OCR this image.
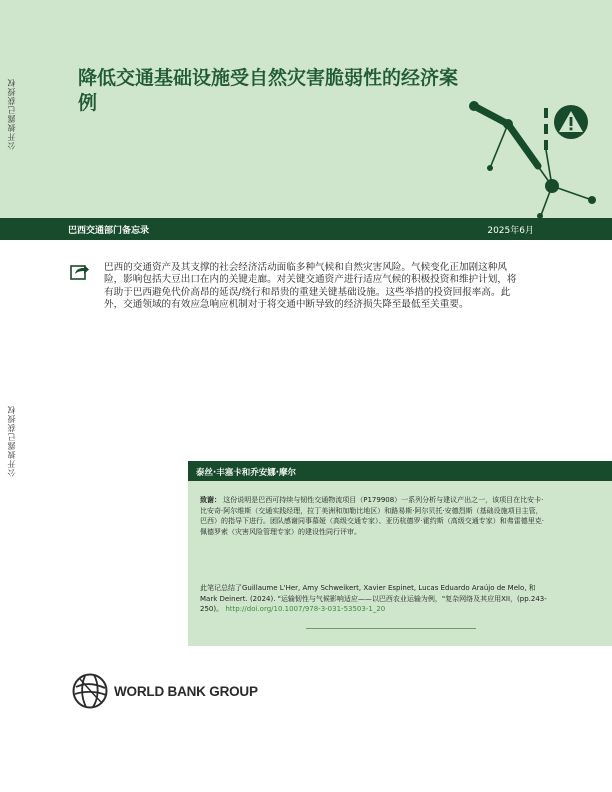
降低交通基础设施受自然灾害脆弱性的经济案例
公开披露已获授权
公开披露已获授权
巴西交通部门备忘录	2025年6月

巴西的交通资产及其支撑的社会经济活动面临多种气候和自然灾害风险。气候变化正加剧这种风险，影响包括大豆出口在内的关键走廊。对关键交通资产进行适应气候的积极投资和维护计划，将有助于巴西避免代价高昂的延误/绕行和昂贵的重建关键基础设施。这些举措的投资回报率高。此外，交通领域的有效应急响应机制对于将交通中断导致的经济损失降至最低至关重要。

泰丝·丰塞卡和乔安娜·摩尔

致谢： 这份说明是巴西可持续与韧性交通物流项目（P179908）一系列分析与建议产出之一，该项目在比安卡·比安奇·阿尔维斯（交通实践经理，拉丁美洲和加勒比地区）和路易斯·阿尔贝托·安德烈斯（基础设施项目主管，巴西）的指导下进行。团队感谢同事慕娅（高级交通专家）、亚历杭德罗·霍约斯（高级交通专家）和弗雷德里克·佩德罗索（灾害风险管理专家）的建设性同行评审。

此笔记总结了Guillaume L'Her, Amy Schweikert, Xavier Espinet, Lucas Eduardo Araújo de Melo, 和Mark Deinert. (2024). "运输韧性与气候影响适应——以巴西农业运输为例，"复杂网络及其应用XII，(pp.243-250)。 http://doi.org/10.1007/978-3-031-53503-1_20

WORLD BANK GROUP
